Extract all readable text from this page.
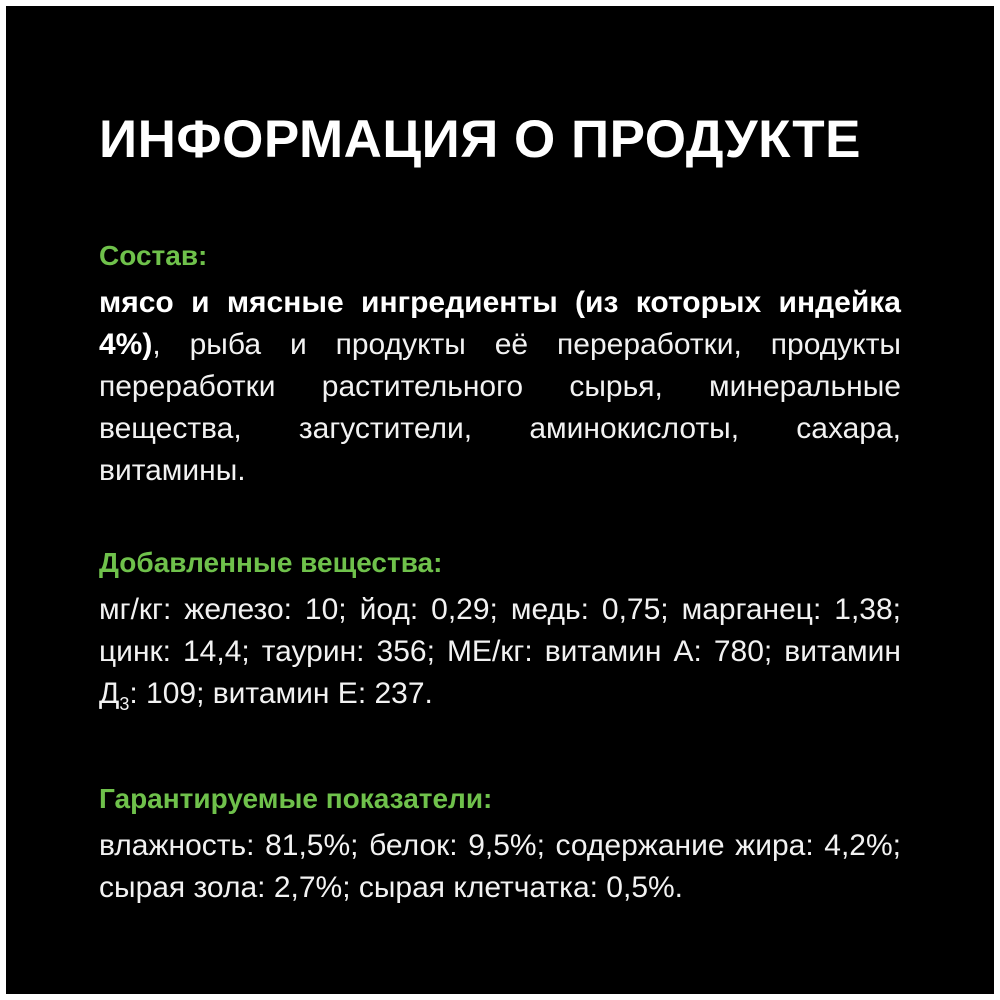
ИНФОРМАЦИЯ О ПРОДУКТЕ
Состав:

мясо и мясные ингредиенты (из которых индейка 4%), рыба и продукты её переработки, продукты переработки растительного сырья, минеральные вещества, загустители, аминокислоты, сахара, витамины.

Добавленные вещества:

мг/кг: железо: 10; йод: 0,29; медь: 0,75; марганец: 1,38; цинк: 14,4; таурин: 356; МЕ/кг: витамин А: 780; витамин $Д_3$: 109; витамин Е: 237.

Гарантируемые показатели:

влажность: 81,5%; белок: 9,5%; содержание жира: 4,2%; сырая зола: 2,7%; сырая клетчатка: 0,5%.
